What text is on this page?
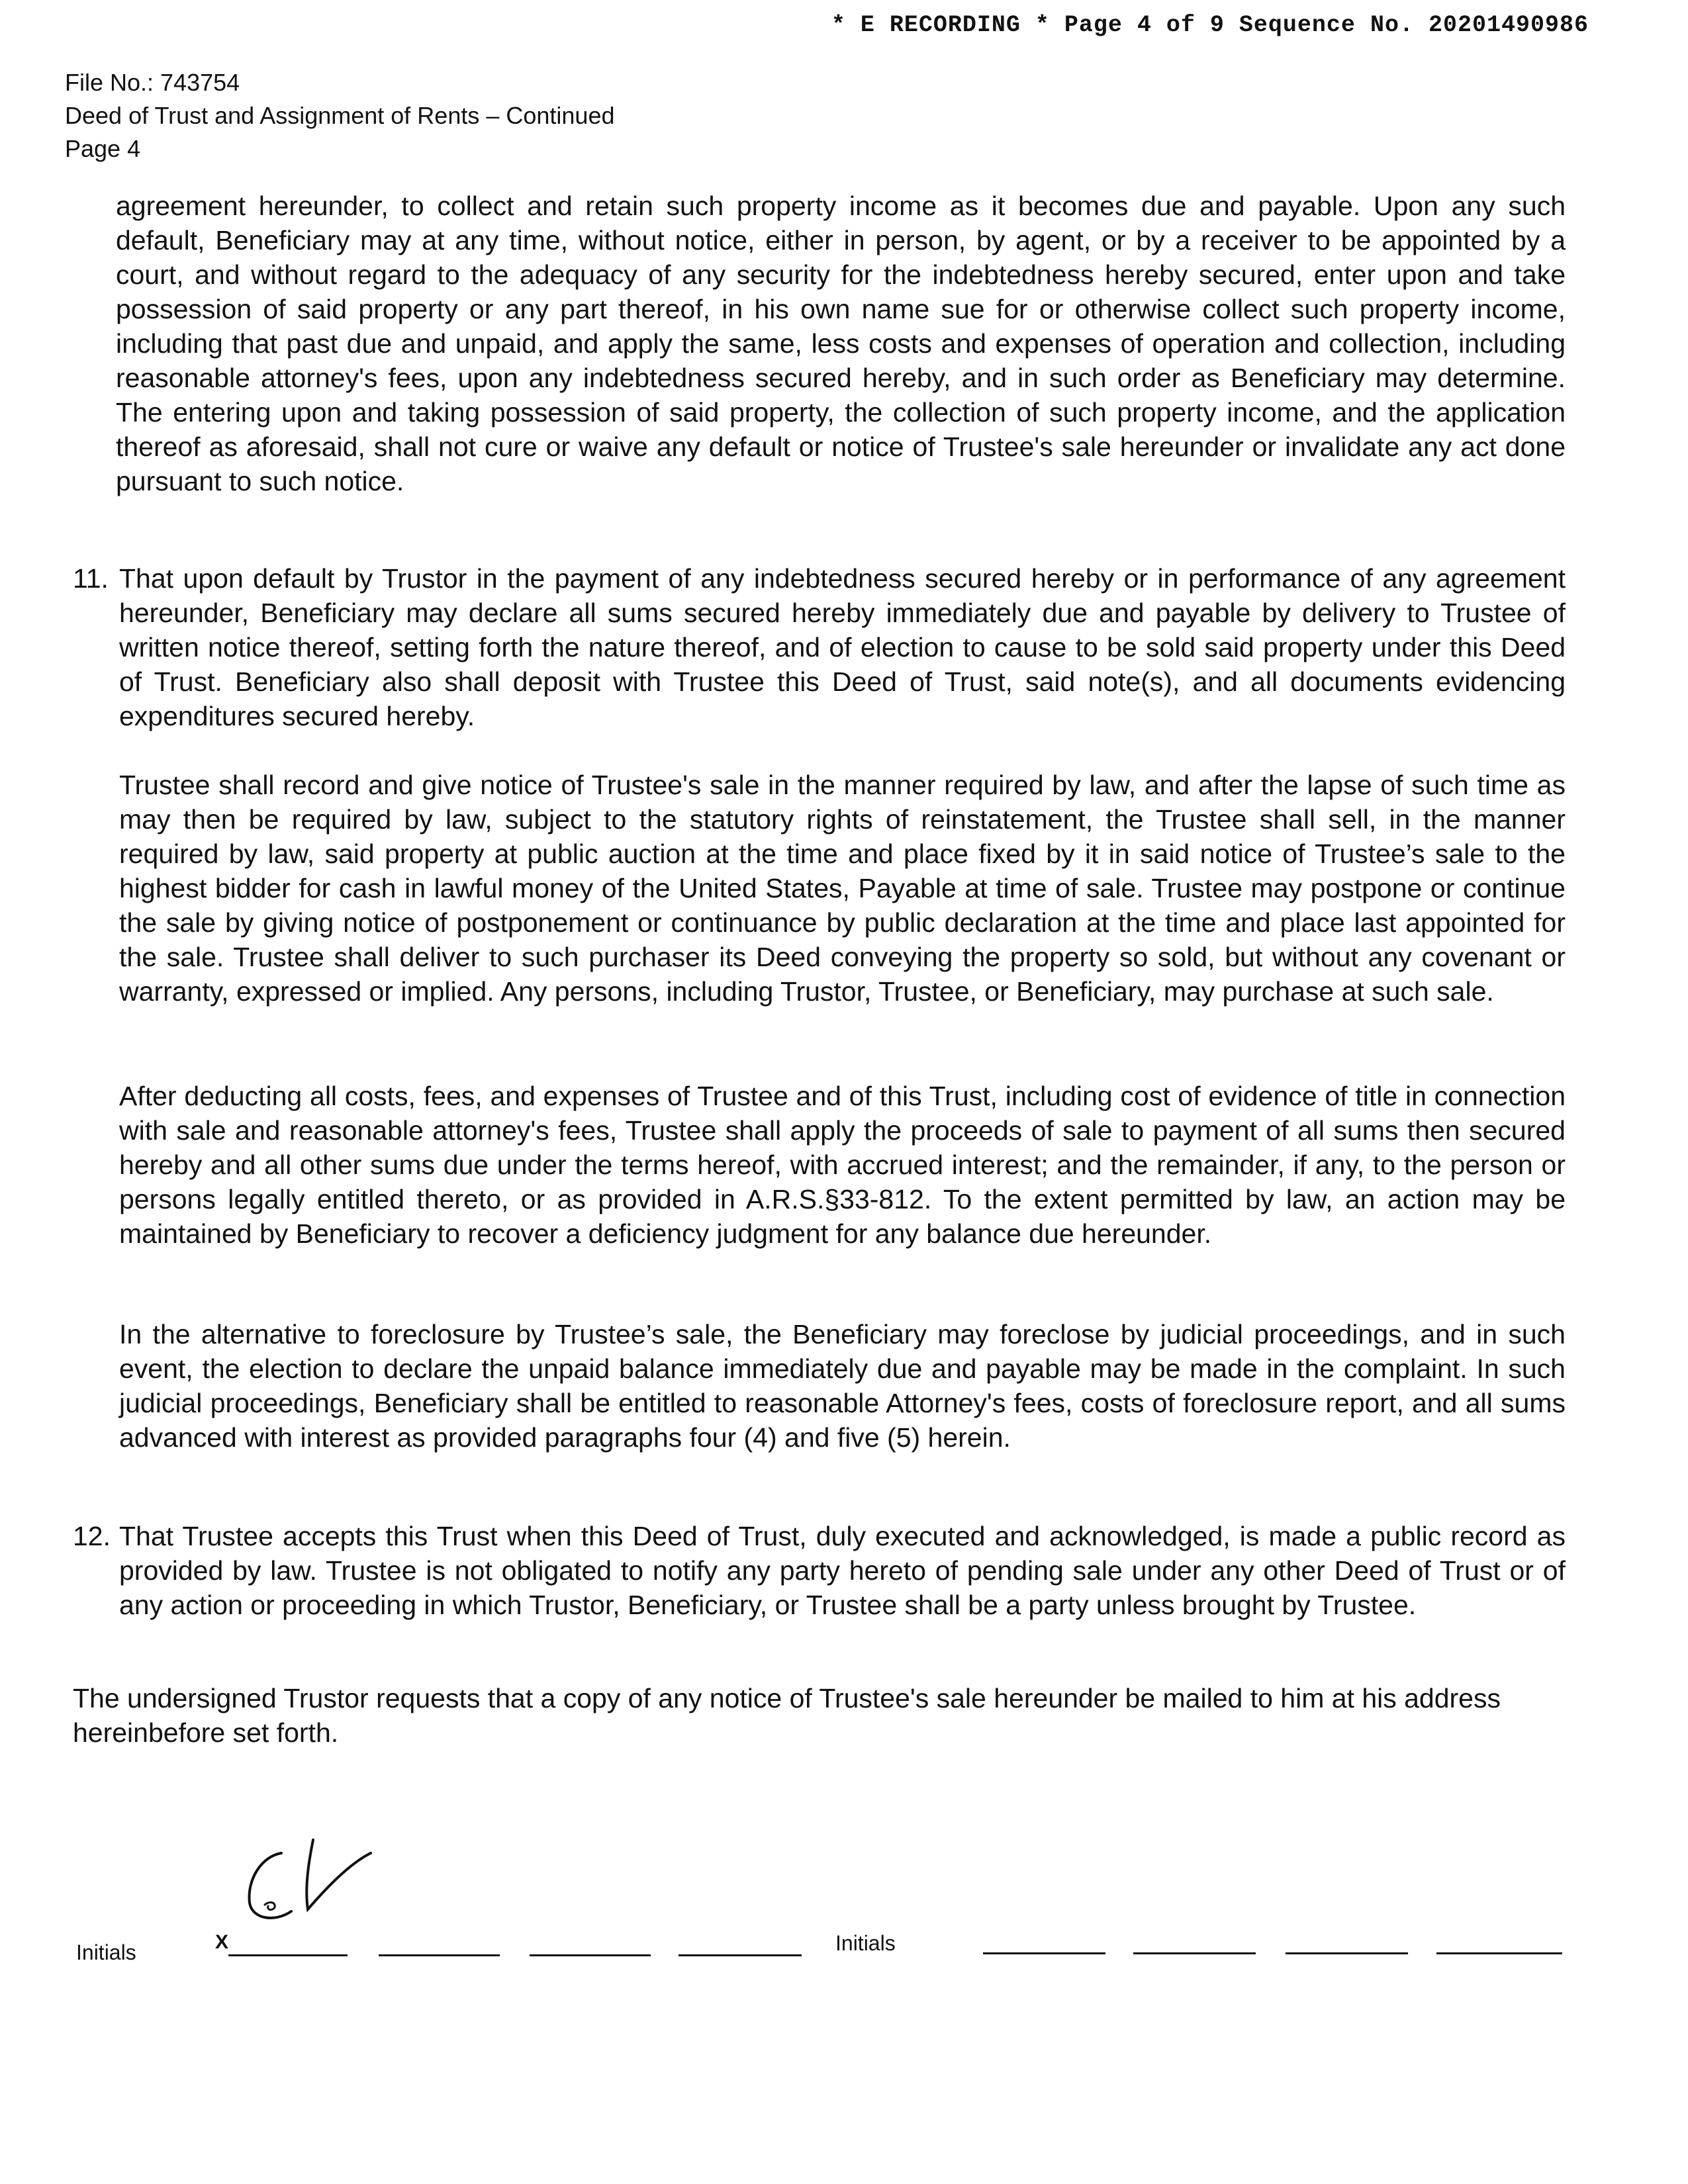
* E RECORDING * Page 4 of 9 Sequence No. 20201490986
File No.: 743754
Deed of Trust and Assignment of Rents – Continued
Page 4

agreement hereunder, to collect and retain such property income as it becomes due and payable. Upon any such default, Beneficiary may at any time, without notice, either in person, by agent, or by a receiver to be appointed by a court, and without regard to the adequacy of any security for the indebtedness hereby secured, enter upon and take possession of said property or any part thereof, in his own name sue for or otherwise collect such property income, including that past due and unpaid, and apply the same, less costs and expenses of operation and collection, including reasonable attorney's fees, upon any indebtedness secured hereby, and in such order as Beneficiary may determine. The entering upon and taking possession of said property, the collection of such property income, and the application thereof as aforesaid, shall not cure or waive any default or notice of Trustee's sale hereunder or invalidate any act done pursuant to such notice.

11. That upon default by Trustor in the payment of any indebtedness secured hereby or in performance of any agreement hereunder, Beneficiary may declare all sums secured hereby immediately due and payable by delivery to Trustee of written notice thereof, setting forth the nature thereof, and of election to cause to be sold said property under this Deed of Trust. Beneficiary also shall deposit with Trustee this Deed of Trust, said note(s), and all documents evidencing expenditures secured hereby.
Trustee shall record and give notice of Trustee's sale in the manner required by law, and after the lapse of such time as may then be required by law, subject to the statutory rights of reinstatement, the Trustee shall sell, in the manner required by law, said property at public auction at the time and place fixed by it in said notice of Trustee’s sale to the highest bidder for cash in lawful money of the United States, Payable at time of sale. Trustee may postpone or continue the sale by giving notice of postponement or continuance by public declaration at the time and place last appointed for the sale. Trustee shall deliver to such purchaser its Deed conveying the property so sold, but without any covenant or warranty, expressed or implied. Any persons, including Trustor, Trustee, or Beneficiary, may purchase at such sale.
After deducting all costs, fees, and expenses of Trustee and of this Trust, including cost of evidence of title in connection with sale and reasonable attorney's fees, Trustee shall apply the proceeds of sale to payment of all sums then secured hereby and all other sums due under the terms hereof, with accrued interest; and the remainder, if any, to the person or persons legally entitled thereto, or as provided in A.R.S.§33-812. To the extent permitted by law, an action may be maintained by Beneficiary to recover a deficiency judgment for any balance due hereunder.
In the alternative to foreclosure by Trustee’s sale, the Beneficiary may foreclose by judicial proceedings, and in such event, the election to declare the unpaid balance immediately due and payable may be made in the complaint. In such judicial proceedings, Beneficiary shall be entitled to reasonable Attorney's fees, costs of foreclosure report, and all sums advanced with interest as provided paragraphs four (4) and five (5) herein.
12. That Trustee accepts this Trust when this Deed of Trust, duly executed and acknowledged, is made a public record as provided by law. Trustee is not obligated to notify any party hereto of pending sale under any other Deed of Trust or of any action or proceeding in which Trustor, Beneficiary, or Trustee shall be a party unless brought by Trustee.
The undersigned Trustor requests that a copy of any notice of Trustee's sale hereunder be mailed to him at his address hereinbefore set forth.
Initials	X	Initials
